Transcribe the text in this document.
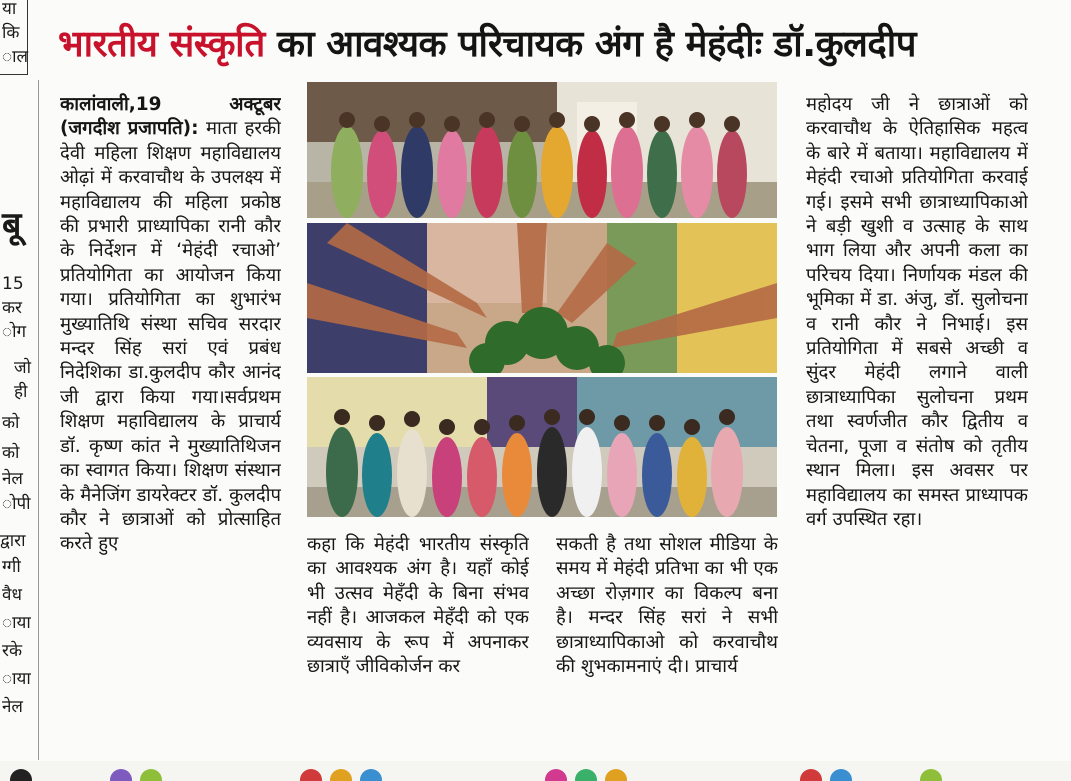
या
कि
ाल
बू
15
कर
ोग
जो
ही
को
को
नेल
ोपी
द्वारा
ग्गी
वैध
ाया
रके
ाया
नेल
भारतीय संस्कृति का आवश्यक परिचायक अंग है मेहंदीः डॉ.कुलदीप

कालांवाली,19 अक्टूबर (जगदीश प्रजापति): माता हरकी देवी महिला शिक्षण महाविद्यालय ओढ़ां में करवाचौथ के उपलक्ष्य में महाविद्यालय की महिला प्रकोष्ठ की प्रभारी प्राध्यापिका रानी कौर के निर्देशन में ‘मेहंदी रचाओ’ प्रतियोगिता का आयोजन किया गया। प्रतियोगिता का शुभारंभ मुख्यातिथि संस्था सचिव सरदार मन्दर सिंह सरां एवं प्रबंध निदेशिका डा.कुलदीप कौर आनंद जी द्वारा किया गया।सर्वप्रथम शिक्षण महाविद्यालय के प्राचार्य डॉ. कृष्ण कांत ने मुख्यातिथिजन का स्वागत किया। शिक्षण संस्थान के मैनेजिंग डायरेक्टर डॉ. कुलदीप कौर ने छात्राओं को प्रोत्साहित करते हुए	कहा कि मेहंदी भारतीय संस्कृति का आवश्यक अंग है। यहाँ कोई भी उत्सव मेहँदी के बिना संभव नहीं है। आजकल मेहँदी को एक व्यवसाय के रूप में अपनाकर छात्राएँ जीविकोर्जन कर

सकती है तथा सोशल मीडिया के समय में मेहंदी प्रतिभा का भी एक अच्छा रोज़गार का विकल्प बना है। मन्दर सिंह सरां ने सभी छात्राध्यापिकाओ को करवाचौथ की शुभकामनाएं दी। प्राचार्य

महोदय जी ने छात्राओं को करवाचौथ के ऐतिहासिक महत्व के बारे में बताया। महाविद्यालय में मेहंदी रचाओ प्रतियोगिता करवाई गई। इसमे सभी छात्राध्यापिकाओ ने बड़ी खुशी व उत्साह के साथ भाग लिया और अपनी कला का परिचय दिया। निर्णायक मंडल की भूमिका में डा. अंजु, डॉ. सुलोचना व रानी कौर ने निभाई। इस प्रतियोगिता में सबसे अच्छी व सुंदर मेहंदी लगाने वाली छात्राध्यापिका सुलोचना प्रथम तथा स्वर्णजीत कौर द्वितीय व चेतना, पूजा व संतोष को तृतीय स्थान मिला। इस अवसर पर महाविद्यालय का समस्त प्राध्यापक वर्ग उपस्थित रहा।
